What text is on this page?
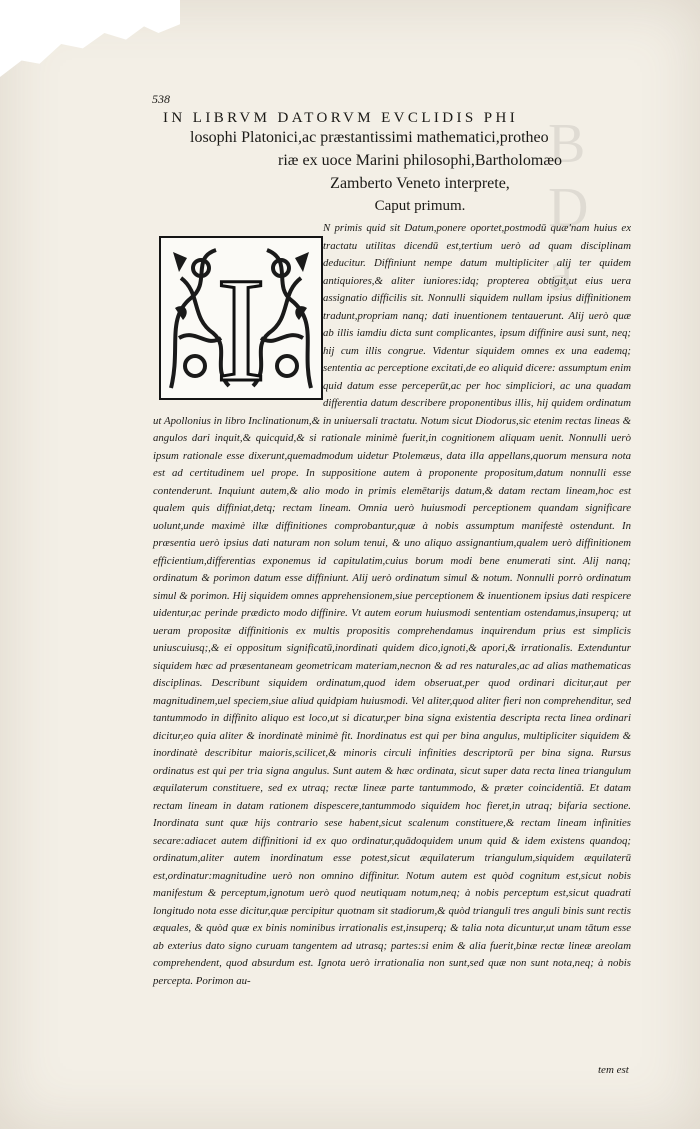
B
D
a
538
IN LIBRVM DATORVM EVCLIDIS PHI
losophi Platonici,ac præstantissimi mathematici,protheo
riæ ex uoce Marini philosophi,Bartholomæo
Zamberto Veneto interprete,
Caput primum.
I

N primis quid sit Datum,ponere oportet,postmodū quæ'nam huius ex tractatu utilitas dicendū est,tertium uerò ad quam disciplinam deducitur. Diffiniunt nempe datum multipliciter alij ter quidem antiquiores,& aliter iuniores:idq; propterea obtigit,ut eius uera assignatio difficilis sit. Nonnulli siquidem nullam ipsius diffinitionem tradunt,propriam nanq; dati inuentionem tentauerunt. Alij uerò quæ ab illis iamdiu dicta sunt complicantes, ipsum diffinire ausi sunt, neq; hij cum illis congrue. Videntur siquidem omnes ex una eademq; sententia ac perceptione excitati,de eo aliquid dicere: assumptum enim quid datum esse perceperūt,ac per hoc simpliciori, ac una quadam differentia datum describere proponentibus illis, hij quidem ordinatum ut Apollonius in libro Inclinationum,& in uniuersali tractatu. Notum sicut Diodorus,sic etenim rectas lineas & angulos dari inquit,& quicquid,& si rationale minimè fuerit,in cognitionem aliquam uenit. Nonnulli uerò ipsum rationale esse dixerunt,quemadmodum uidetur Ptolemæus, data illa appellans,quorum mensura nota est ad certitudinem uel prope. In suppositione autem à proponente propositum,datum nonnulli esse contenderunt. Inquiunt autem,& alio modo in primis elemētarijs datum,& datam rectam lineam,hoc est qualem quis diffiniat,detq; rectam lineam. Omnia uerò huiusmodi perceptionem quandam significare uolunt,unde maximè illæ diffinitiones comprobantur,quæ à nobis assumptum manifestè ostendunt. In præsentia uerò ipsius dati naturam non solum tenui, & uno aliquo assignantium,qualem uerò diffinitionem efficientium,differentias exponemus id capitulatim,cuius borum modi bene enumerati sint. Alij nanq; ordinatum & porimon datum esse diffiniunt. Alij uerò ordinatum simul & notum. Nonnulli porrò ordinatum simul & porimon. Hij siquidem omnes apprehensionem,siue perceptionem & inuentionem ipsius dati respicere uidentur,ac perinde prædicto modo diffinire. Vt autem eorum huiusmodi sententiam ostendamus,insuperq; ut ueram propositæ diffinitionis ex multis propositis comprehendamus inquirendum prius est simplicis uniuscuiusq;,& ei oppositum significatū,inordinati quidem dico,ignoti,& apori,& irrationalis. Extenduntur siquidem hæc ad præsentaneam geometricam materiam,necnon & ad res naturales,ac ad alias mathematicas disciplinas. Describunt siquidem ordinatum,quod idem obseruat,per quod ordinari dicitur,aut per magnitudinem,uel speciem,siue aliud quidpiam huiusmodi. Vel aliter,quod aliter fieri non comprehenditur, sed tantummodo in diffinito aliquo est loco,ut si dicatur,per bina signa existentia descripta recta linea ordinari dicitur,eo quia aliter & inordinatè minimè fit. Inordinatus est qui per bina angulus, multipliciter siquidem & inordinatè describitur maioris,scilicet,& minoris circuli infinities descriptorū per bina signa. Rursus ordinatus est qui per tria signa angulus. Sunt autem & hæc ordinata, sicut super data recta linea triangulum æquilaterum constituere, sed ex utraq; rectæ lineæ parte tantummodo, & præter coincidentiā. Et datam rectam lineam in datam rationem dispescere,tantummodo siquidem hoc fieret,in utraq; bifaria sectione. Inordinata sunt quæ hijs contrario sese habent,sicut scalenum constituere,& rectam lineam infinities secare:adiacet autem diffinitioni id ex quo ordinatur,quādoquidem unum quid & idem existens quandoq; ordinatum,aliter autem inordinatum esse potest,sicut æquilaterum triangulum,siquidem æquilaterū est,ordinatur:magnitudine uerò non omnino diffinitur. Notum autem est quòd cognitum est,sicut nobis manifestum & perceptum,ignotum uerò quod neutiquam notum,neq; à nobis perceptum est,sicut quadrati longitudo nota esse dicitur,quæ percipitur quotnam sit stadiorum,& quòd trianguli tres anguli binis sunt rectis æquales, & quòd quæ ex binis nominibus irrationalis est,insuperq; & talia nota dicuntur,ut unam tātum esse ab exterius dato signo curuam tangentem ad utrasq; partes:si enim & alia fuerit,binæ rectæ lineæ areolam comprehendent, quod absurdum est. Ignota uerò irrationalia non sunt,sed quæ non sunt nota,neq; à nobis percepta. Porimon au-

tem est
